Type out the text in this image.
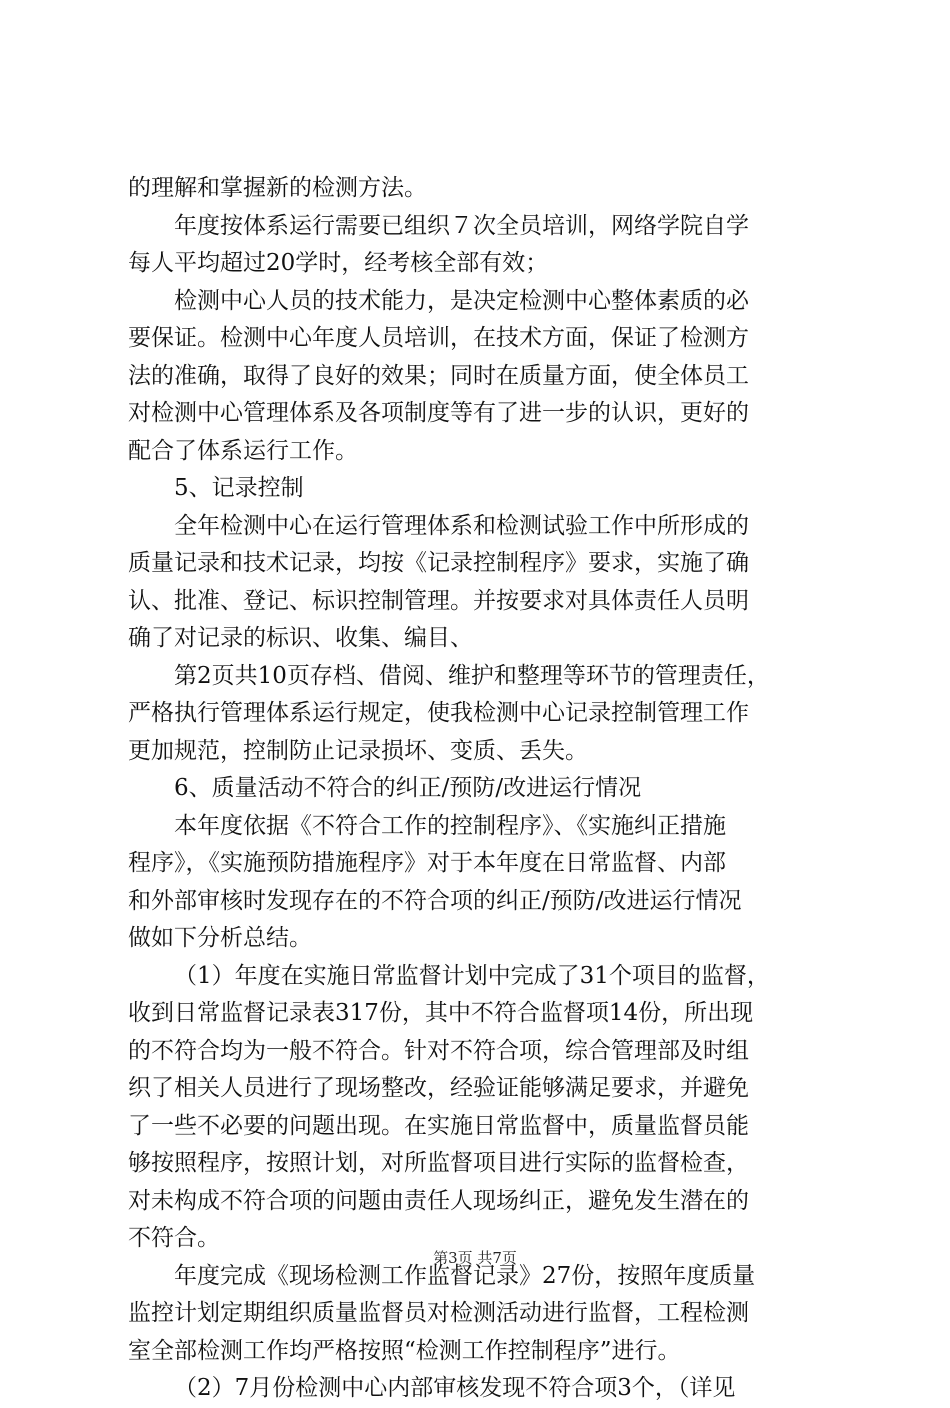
的理解和掌握新的检测方法。
年度按体系运行需要已组织７次全员培训，网络学院自学
每人平均超过20学时，经考核全部有效；
检测中心人员的技术能力，是决定检测中心整体素质的必
要保证。检测中心年度人员培训，在技术方面，保证了检测方
法的准确，取得了良好的效果；同时在质量方面，使全体员工
对检测中心管理体系及各项制度等有了进一步的认识，更好的
配合了体系运行工作。
5、记录控制
全年检测中心在运行管理体系和检测试验工作中所形成的
质量记录和技术记录，均按《记录控制程序》要求，实施了确
认、批准、登记、标识控制管理。并按要求对具体责任人员明
确了对记录的标识、收集、编目、
第2页共10页存档、借阅、维护和整理等环节的管理责任，
严格执行管理体系运行规定，使我检测中心记录控制管理工作
更加规范，控制防止记录损坏、变质、丢失。
6、质量活动不符合的纠正/预防/改进运行情况
本年度依据《不符合工作的控制程序》、《实施纠正措施
程序》，《实施预防措施程序》对于本年度在日常监督、内部
和外部审核时发现存在的不符合项的纠正/预防/改进运行情况
做如下分析总结。
（1）年度在实施日常监督计划中完成了31个项目的监督，
收到日常监督记录表317份，其中不符合监督项14份，所出现
的不符合均为一般不符合。针对不符合项，综合管理部及时组
织了相关人员进行了现场整改，经验证能够满足要求，并避免
了一些不必要的问题出现。在实施日常监督中，质量监督员能
够按照程序，按照计划，对所监督项目进行实际的监督检查，
对未构成不符合项的问题由责任人现场纠正，避免发生潜在的
不符合。
年度完成《现场检测工作监督记录》27份，按照年度质量
监控计划定期组织质量监督员对检测活动进行监督，工程检测
室全部检测工作均严格按照“检测工作控制程序”进行。
（2）7月份检测中心内部审核发现不符合项3个，（详见
第3页 共7页
